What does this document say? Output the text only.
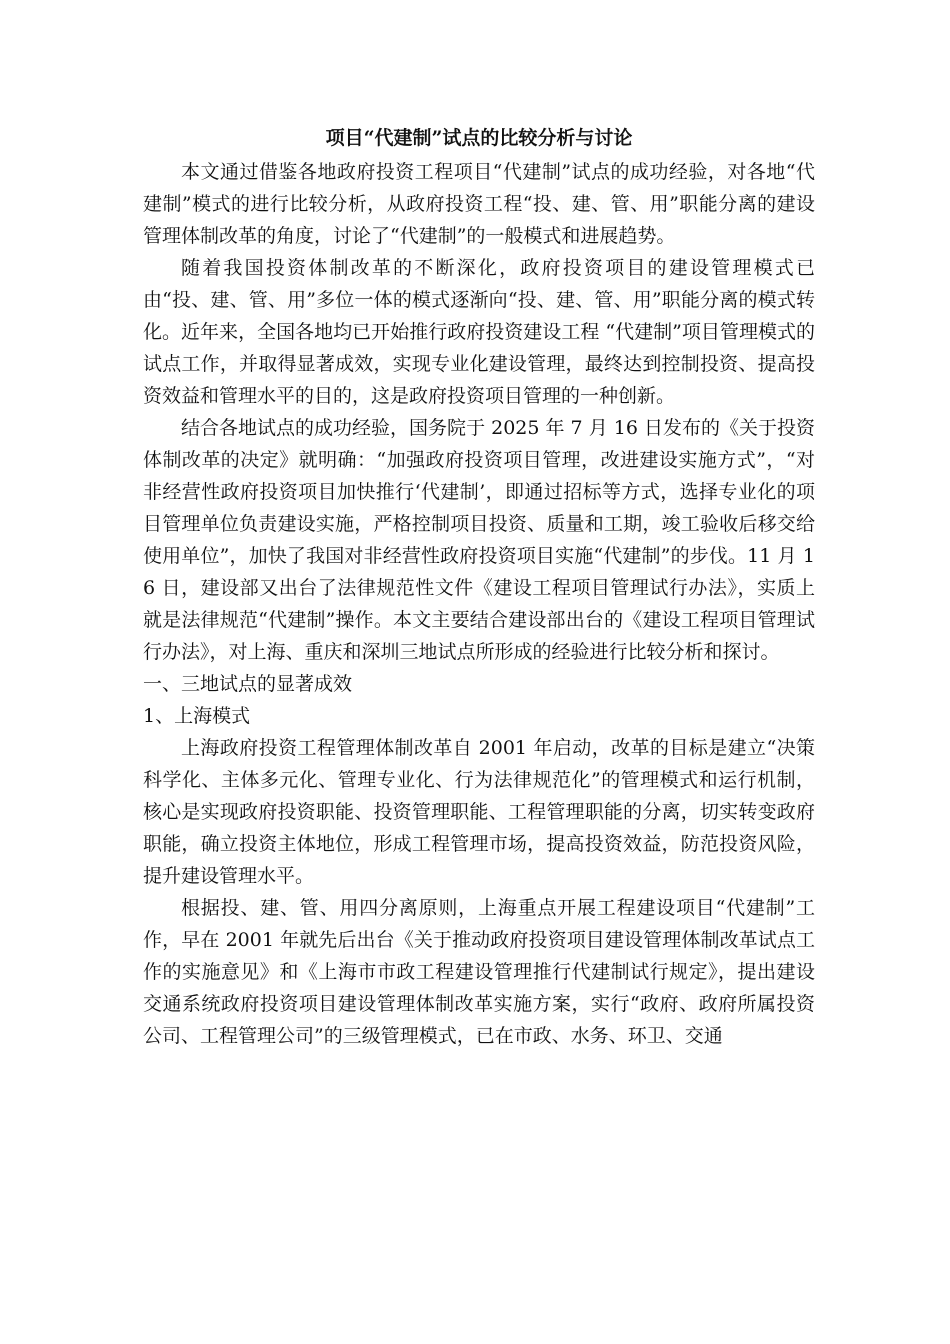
项目“代建制”试点的比较分析与讨论

本文通过借鉴各地政府投资工程项目“代建制”试点的成功经验，对各地“代建制”模式的进行比较分析，从政府投资工程“投、建、管、用”职能分离的建设管理体制改革的角度，讨论了“代建制”的一般模式和进展趋势。

随着我国投资体制改革的不断深化，政府投资项目的建设管理模式已由“投、建、管、用”多位一体的模式逐渐向“投、建、管、用”职能分离的模式转化。近年来，全国各地均已开始推行政府投资建设工程 “代建制”项目管理模式的试点工作，并取得显著成效，实现专业化建设管理，最终达到控制投资、提高投资效益和管理水平的目的，这是政府投资项目管理的一种创新。

结合各地试点的成功经验，国务院于 2025 年 7 月 16 日发布的《关于投资体制改革的决定》就明确：“加强政府投资项目管理，改进建设实施方式”，“对非经营性政府投资项目加快推行‘代建制’，即通过招标等方式，选择专业化的项目管理单位负责建设实施，严格控制项目投资、质量和工期，竣工验收后移交给使用单位”，加快了我国对非经营性政府投资项目实施“代建制”的步伐。11 月 16 日，建设部又出台了法律规范性文件《建设工程项目管理试行办法》，实质上就是法律规范“代建制”操作。本文主要结合建设部出台的《建设工程项目管理试行办法》，对上海、重庆和深圳三地试点所形成的经验进行比较分析和探讨。

一、三地试点的显著成效

1、上海模式

上海政府投资工程管理体制改革自 2001 年启动，改革的目标是建立“决策科学化、主体多元化、管理专业化、行为法律规范化”的管理模式和运行机制，核心是实现政府投资职能、投资管理职能、工程管理职能的分离，切实转变政府职能，确立投资主体地位，形成工程管理市场，提高投资效益，防范投资风险，提升建设管理水平。

根据投、建、管、用四分离原则，上海重点开展工程建设项目“代建制”工作，早在 2001 年就先后出台《关于推动政府投资项目建设管理体制改革试点工作的实施意见》和《上海市市政工程建设管理推行代建制试行规定》，提出建设交通系统政府投资项目建设管理体制改革实施方案，实行“政府、政府所属投资公司、工程管理公司”的三级管理模式，已在市政、水务、环卫、交通
